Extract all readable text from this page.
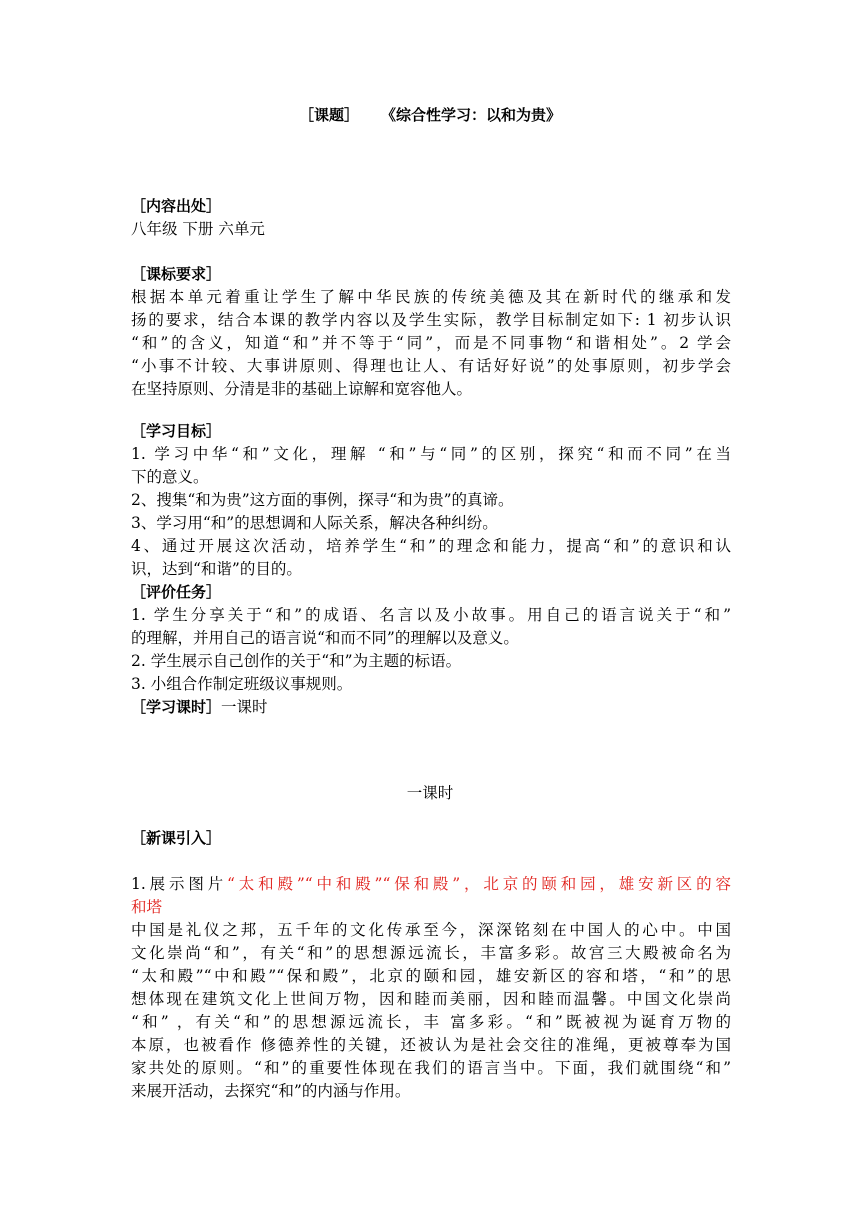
［课题］ 《综合性学习：以和为贵》
［内容出处］
八年级 下册 六单元
［课标要求］
根据本单元着重让学生了解中华民族的传统美德及其在新时代的继承和发
扬的要求，结合本课的教学内容以及学生实际，教学目标制定如下: 1 初步认识
“和”的含义，知道“和”并不等于“同”，而是不同事物“和谐相处”。2 学会
“小事不计较、大事讲原则、得理也让人、有话好好说”的处事原则，初步学会
在坚持原则、分清是非的基础上谅解和宽容他人。
［学习目标］
1. 学习中华“和”文化，理解 “和”与“同”的区别，探究“和而不同”在当
下的意义。
2、搜集“和为贵”这方面的事例，探寻“和为贵”的真谛。
3、学习用“和”的思想调和人际关系，解决各种纠纷。
4、通过开展这次活动，培养学生“和”的理念和能力，提高“和”的意识和认
识，达到“和谐”的目的。
［评价任务］
1. 学生分享关于“和”的成语、名言以及小故事。用自己的语言说关于“和”
的理解，并用自己的语言说“和而不同”的理解以及意义。
2. 学生展示自己创作的关于“和”为主题的标语。
3. 小组合作制定班级议事规则。
［学习课时］一课时
一课时
［新课引入］
1.展示图片“太和殿”“中和殿”“保和殿”，北京的颐和园，雄安新区的容
和塔
中国是礼仪之邦，五千年的文化传承至今，深深铭刻在中国人的心中。中国
文化崇尚“和”，有关“和”的思想源远流长，丰富多彩。故宫三大殿被命名为
“太和殿”“中和殿”“保和殿”，北京的颐和园，雄安新区的容和塔，“和”的思
想体现在建筑文化上世间万物，因和睦而美丽，因和睦而温馨。中国文化崇尚
“和” ，有关“和”的思想源远流长，丰 富多彩。“和”既被视为诞育万物的
本原，也被看作 修德养性的关键，还被认为是社会交往的准绳，更被尊奉为国
家共处的原则。“和”的重要性体现在我们的语言当中。下面，我们就围绕“和”
来展开活动，去探究“和”的内涵与作用。
